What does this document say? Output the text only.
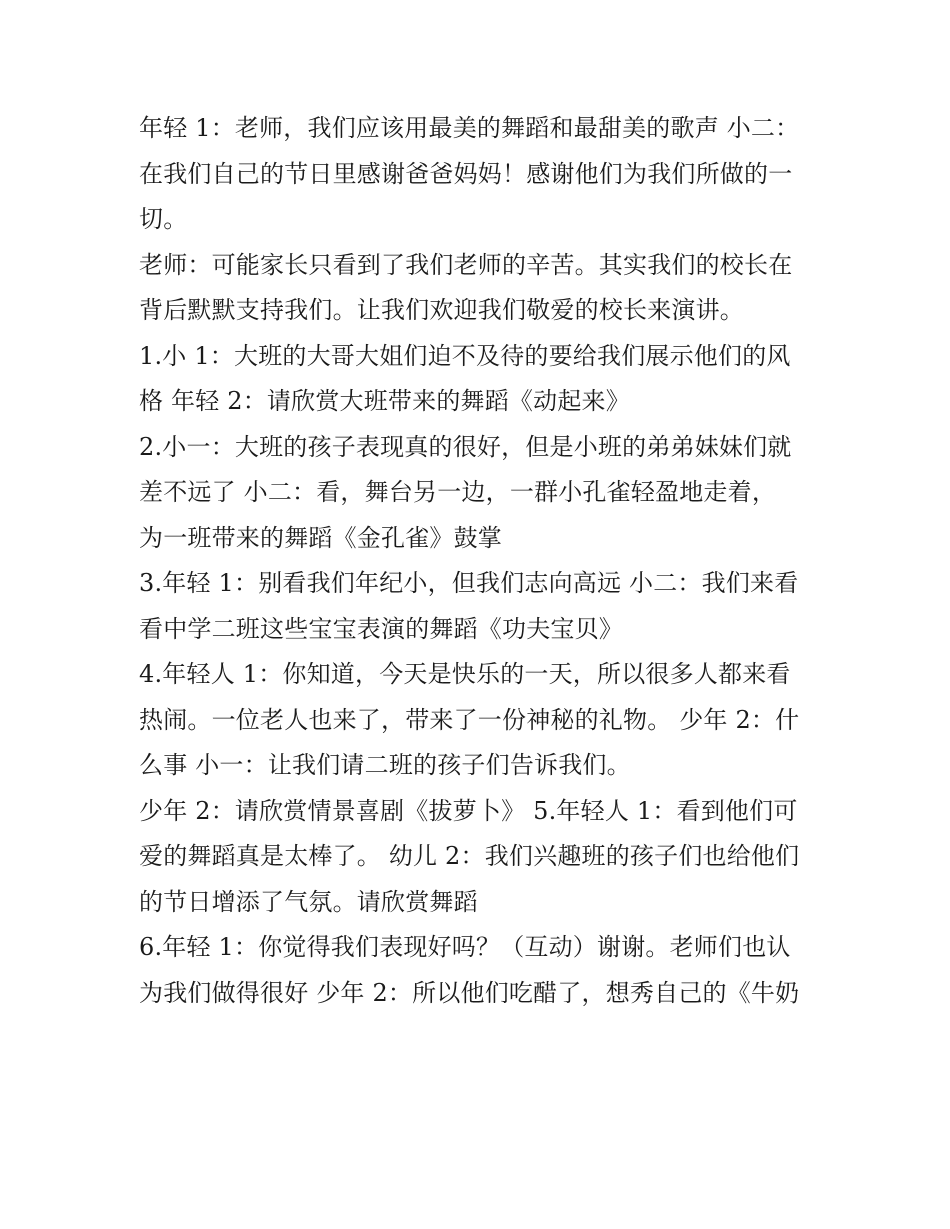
年轻 1：老师，我们应该用最美的舞蹈和最甜美的歌声 小二：
在我们自己的节日里感谢爸爸妈妈！感谢他们为我们所做的一
切。
老师：可能家长只看到了我们老师的辛苦。其实我们的校长在
背后默默支持我们。让我们欢迎我们敬爱的校长来演讲。
1.小 1：大班的大哥大姐们迫不及待的要给我们展示他们的风
格 年轻 2：请欣赏大班带来的舞蹈《动起来》
2.小一：大班的孩子表现真的很好，但是小班的弟弟妹妹们就
差不远了 小二：看，舞台另一边，一群小孔雀轻盈地走着，
为一班带来的舞蹈《金孔雀》鼓掌
3.年轻 1：别看我们年纪小，但我们志向高远 小二：我们来看
看中学二班这些宝宝表演的舞蹈《功夫宝贝》
4.年轻人 1：你知道，今天是快乐的一天，所以很多人都来看
热闹。一位老人也来了，带来了一份神秘的礼物。 少年 2：什
么事 小一：让我们请二班的孩子们告诉我们。
少年 2：请欣赏情景喜剧《拔萝卜》 5.年轻人 1：看到他们可
爱的舞蹈真是太棒了。 幼儿 2：我们兴趣班的孩子们也给他们
的节日增添了气氛。请欣赏舞蹈
6.年轻 1：你觉得我们表现好吗？（互动）谢谢。老师们也认
为我们做得很好 少年 2：所以他们吃醋了，想秀自己的《牛奶
